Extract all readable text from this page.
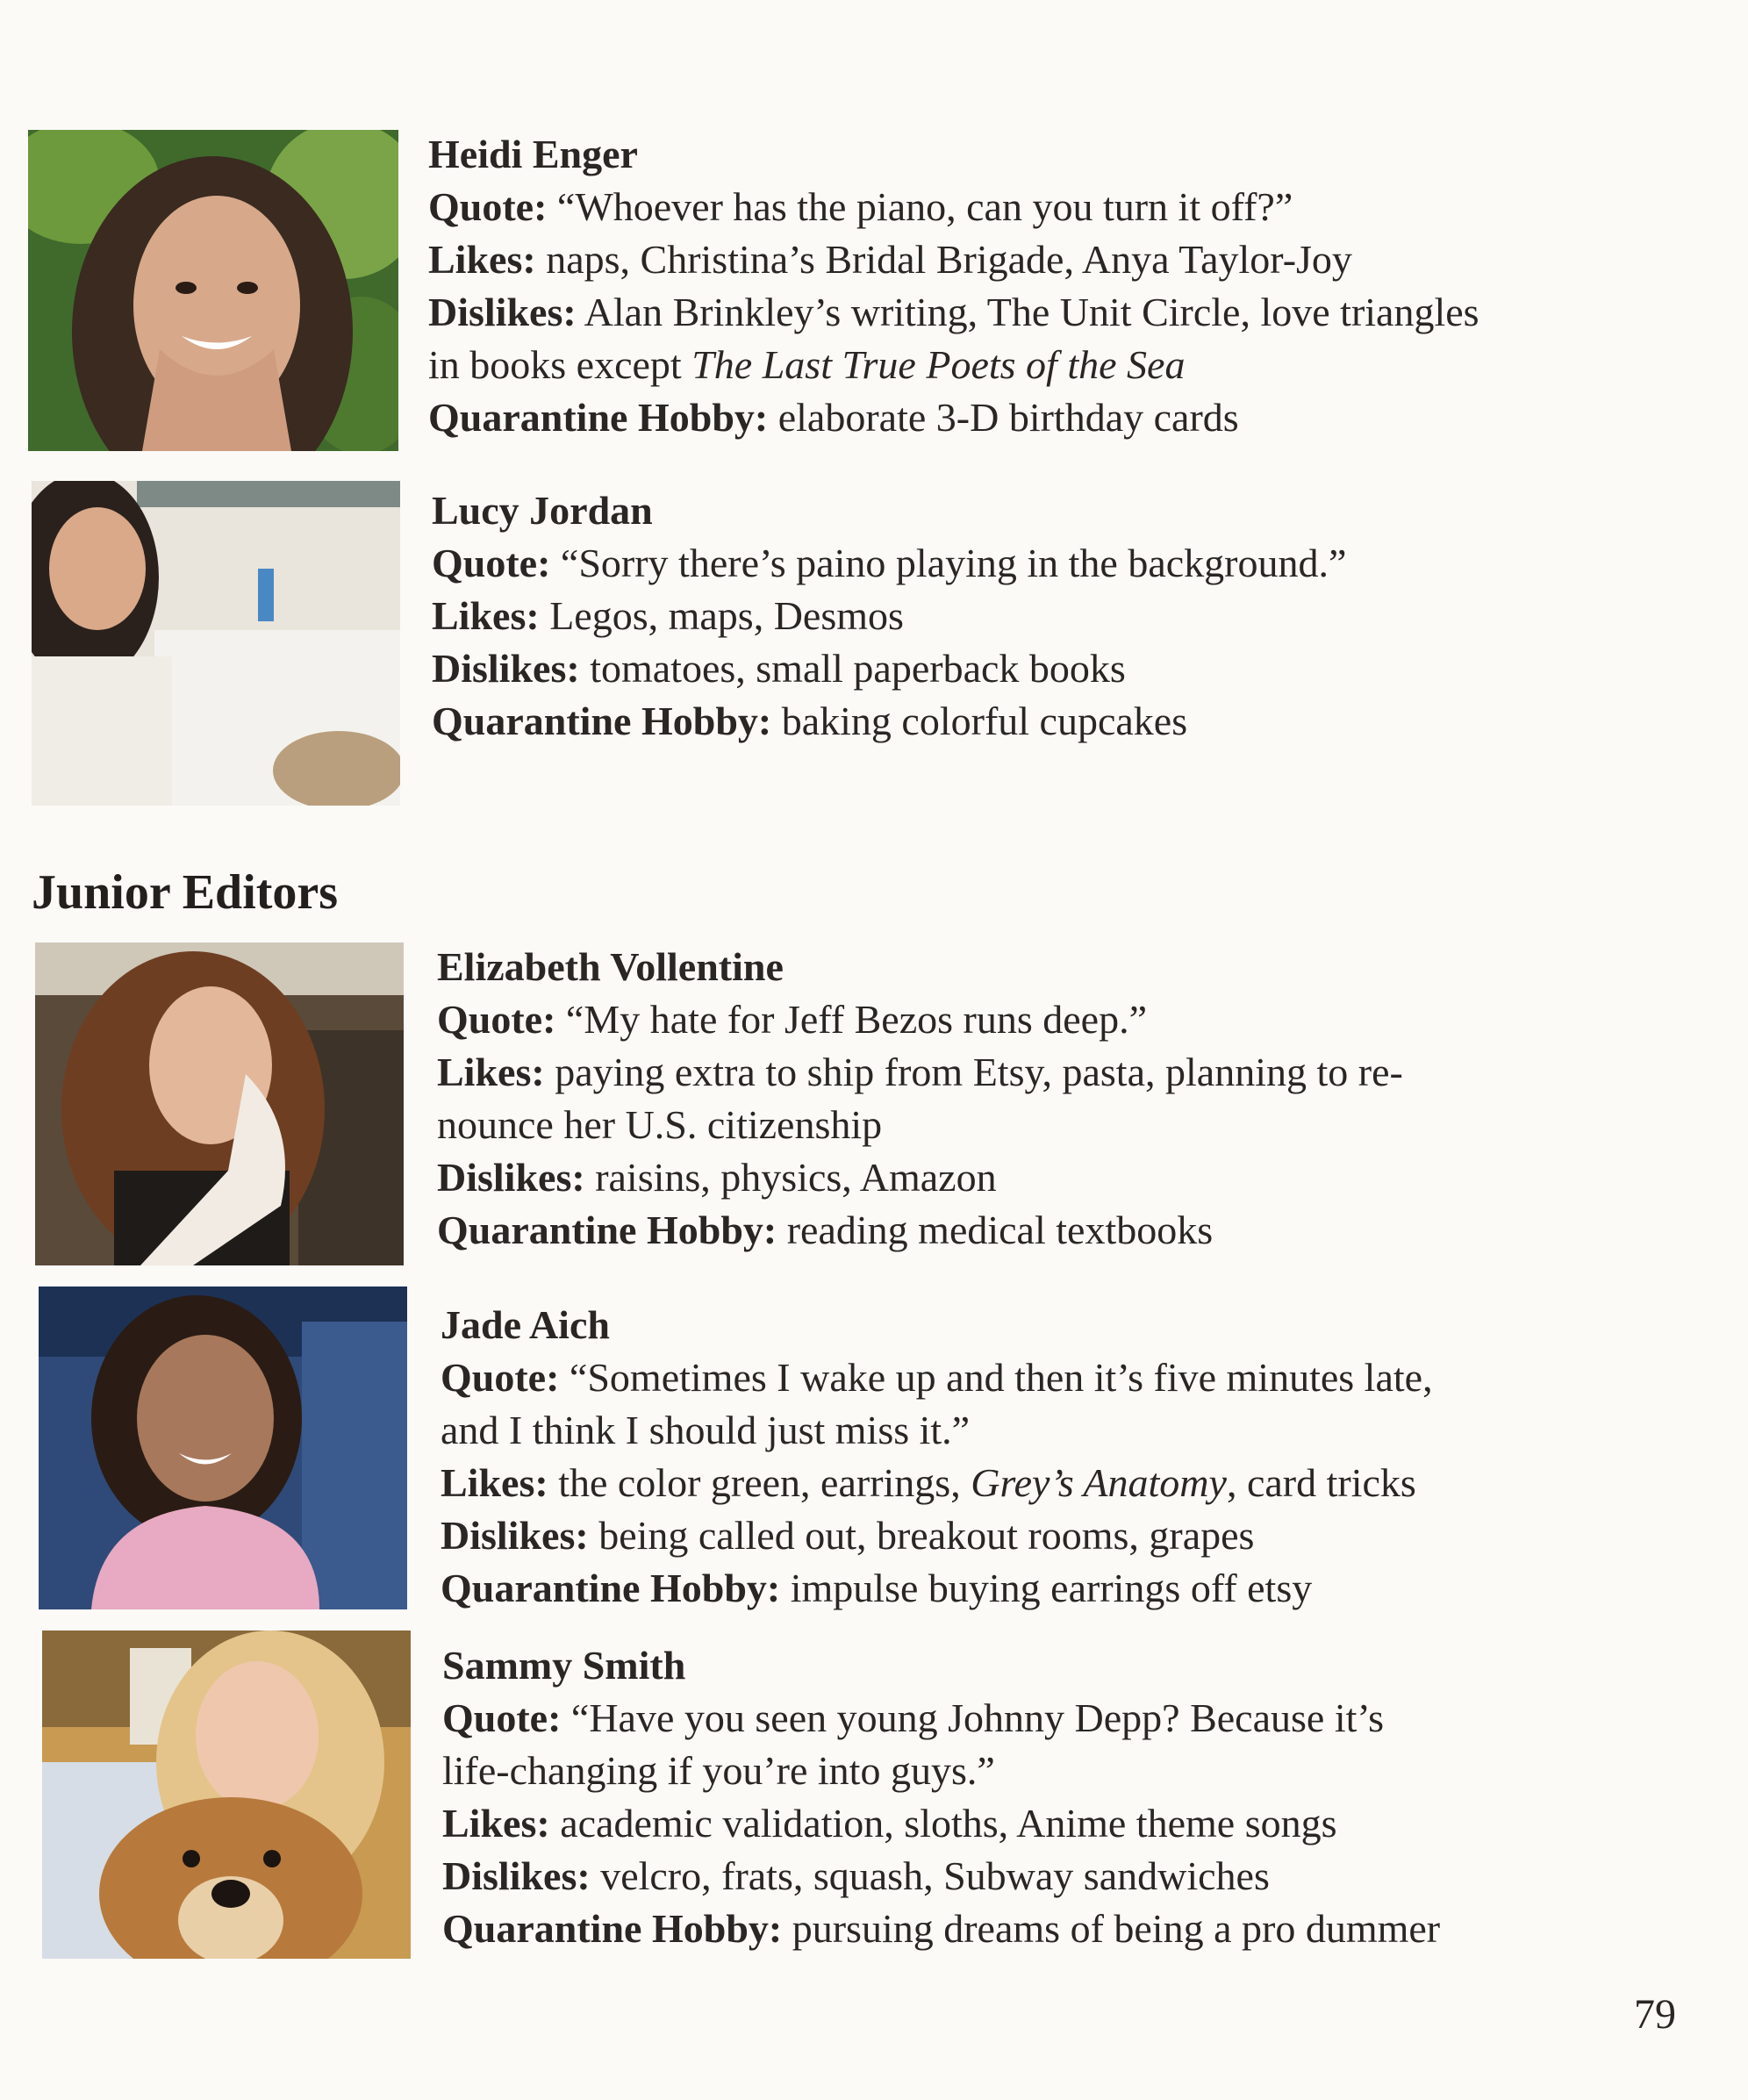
Heidi Enger
Quote: “Whoever has the piano, can you turn it off?”
Likes: naps, Christina’s Bridal Brigade, Anya Taylor-Joy
Dislikes: Alan Brinkley’s writing, The Unit Circle, love triangles
in books except The Last True Poets of the Sea
Quarantine Hobby: elaborate 3-D birthday cards
Lucy Jordan
Quote: “Sorry there’s paino playing in the background.”
Likes: Legos, maps, Desmos
Dislikes: tomatoes, small paperback books
Quarantine Hobby: baking colorful cupcakes
Junior Editors
Elizabeth Vollentine
Quote: “My hate for Jeff Bezos runs deep.”
Likes: paying extra to ship from Etsy, pasta, planning to re-
nounce her U.S. citizenship
Dislikes: raisins, physics, Amazon
Quarantine Hobby: reading medical textbooks
Jade Aich
Quote: “Sometimes I wake up and then it’s five minutes late,
and I think I should just miss it.”
Likes: the color green, earrings, Grey’s Anatomy, card tricks
Dislikes: being called out, breakout rooms, grapes
Quarantine Hobby: impulse buying earrings off etsy
Sammy Smith
Quote: “Have you seen young Johnny Depp? Because it’s
life-changing if you’re into guys.”
Likes: academic validation, sloths, Anime theme songs
Dislikes: velcro, frats, squash, Subway sandwiches
Quarantine Hobby: pursuing dreams of being a pro dummer
79
